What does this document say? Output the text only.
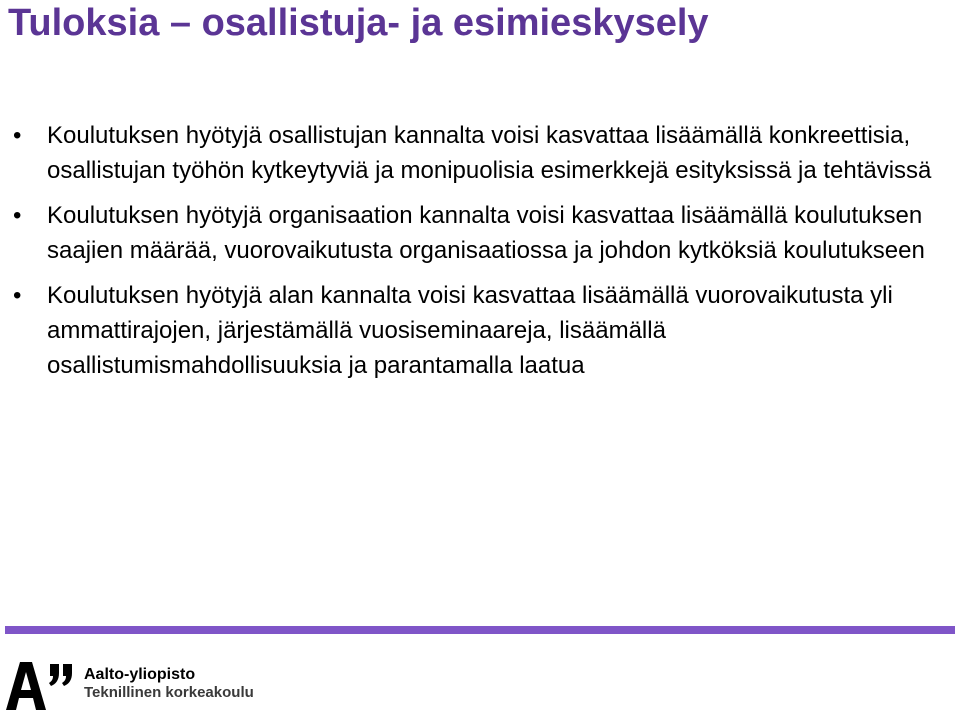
Tuloksia – osallistuja- ja esimieskysely
• Koulutuksen hyötyjä osallistujan kannalta voisi kasvattaa lisäämällä konkreettisia, osallistujan työhön kytkeytyviä ja monipuolisia esimerkkejä esityksissä ja tehtävissä
• Koulutuksen hyötyjä organisaation kannalta voisi kasvattaa lisäämällä koulutuksen saajien määrää, vuorovaikutusta organisaatiossa ja johdon kytköksiä koulutukseen
• Koulutuksen hyötyjä alan kannalta voisi kasvattaa lisäämällä vuorovaikutusta yli ammattirajojen, järjestämällä vuosiseminaareja, lisäämällä osallistumismahdollisuuksia ja parantamalla laatua
Aalto-yliopisto
Teknillinen korkeakoulu
